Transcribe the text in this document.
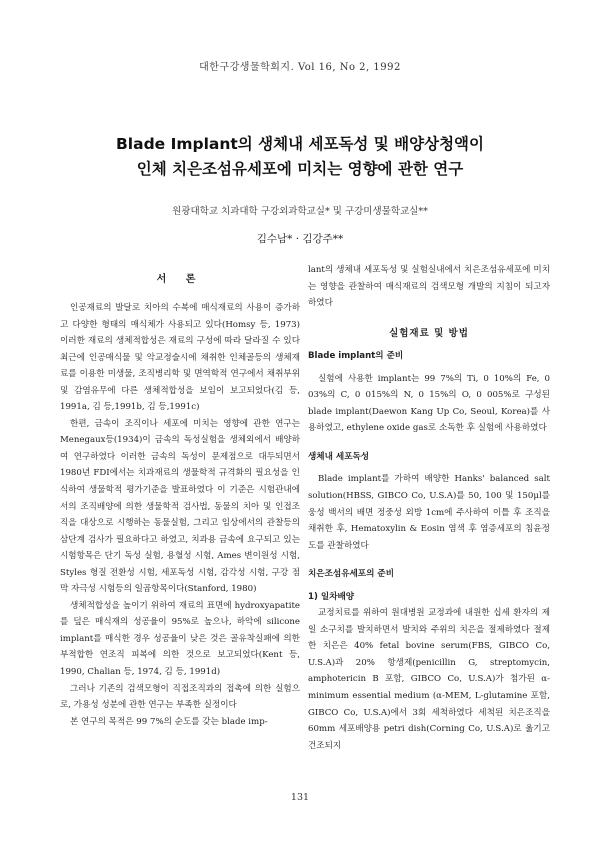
대한구강생물학회지. Vol 16, No 2, 1992
Blade Implant의 생체내 세포독성 및 배양상청액이
인체 치은조섬유세포에 미치는 영향에 관한 연구
원광대학교 치과대학 구강외과학교실* 및 구강미생물학교실**
김수남* · 김강주**

서 론

인공재료의 발달로 치아의 수복에 매식재료의 사용이 증가하고 다양한 형태의 매식체가 사용되고 있다(Homsy 등, 1973) 이러한 재료의 생체적합성은 재료의 구성에 따라 달라질 수 있다 최근에 인공매식물 및 악교정술시에 채취한 인체골등의 생체재료를 이용한 미생물, 조직병리학 및 면역학적 연구에서 채취부위 및 감염유무에 다른 생체적합성을 보임이 보고되었다(김 등, 1991a, 김 등,1991b, 김 등,1991c)

한편, 금속이 조직이나 세포에 미치는 영향에 관한 연구는 Menegaux등(1934)이 금속의 독성실험을 생체외에서 배양하여 연구하였다 이러한 금속의 독성이 문제점으로 대두되면서 1980년 FDI에서는 치과재료의 생물학적 규격화의 필요성을 인식하여 생물학적 평가기준을 발표하였다 이 기준은 시험관내에서의 조직배양에 의한 생물학적 검사법, 동물의 치아 및 인접조직을 대상으로 시행하는 동물실험, 그리고 임상에서의 관찰등의 삼단계 검사가 필요하다고 하였고, 치과용 금속에 요구되고 있는 시험항목은 단기 독성 실험, 용혈성 시험, Ames 변이원성 시험, Styles 형질 전환성 시험, 세포독성 시험, 감각성 시험, 구강 점막 자극성 시험등의 일곱항목이다(Stanford, 1980)

생체적합성을 높이기 위하여 재료의 표면에 hydroxyapatite를 덮은 매식재의 성공율이 95%로 높으나, 하악에 silicone implant를 매식한 경우 성공율이 낮은 것은 골유착실패에 의한 부적합한 연조직 피복에 의한 것으로 보고되었다(Kent 등, 1990, Chalian 등, 1974, 김 등, 1991d)

그러나 기존의 검색모형이 직접조직과의 접촉에 의한 실험으로, 가용성 성분에 관한 연구는 부족한 실정이다

본 연구의 목적은 99 7%의 순도를 갖는 blade imp-

lant의 생체내 세포독성 및 실험실내에서 치은조섬유세포에 미치는 영향을 관찰하여 매식재료의 검색모형 개발의 지침이 되고자 하였다

실험재료 및 방법

Blade implant의 준비

실험에 사용한 implant는 99 7%의 Ti, 0 10%의 Fe, 0 03%의 C, 0 015%의 N, 0 15%의 O, 0 005%로 구성된 blade implant(Daewon Kang Up Co, Seoul, Korea)를 사용하였고, ethylene oxide gas로 소독한 후 실험에 사용하였다

생체내 세포독성

Blade implant를 가하여 배양한 Hanks' balanced salt solution(HBSS, GIBCO Co, U.S.A)를 50, 100 및 150μl를 웅성 백서의 배면 정중성 외방 1cm에 주사하여 이틀 후 조직을 채취한 후, Hematoxylin & Eosin 염색 후 염증세포의 침윤정도를 관찰하였다

치은조섬유세포의 준비

1) 일차배양

교정치료를 위하여 원대병원 교정과에 내원한 십세 환자의 제일 소구치를 발치하면서 발치와 주위의 치은을 절제하였다 절제한 치은은 40% fetal bovine serum(FBS, GIBCO Co, U.S.A)과 20% 항생제(penicillin G, streptomycin, amphotericin B 포함, GIBCO Co, U.S.A)가 첨가된 α-minimum essential medium (α-MEM, L-glutamine 포함, GIBCO Co, U.S.A)에서 3회 세척하였다 세척된 치은조직을 60mm 세포배양용 petri dish(Corning Co, U.S.A)로 옮기고 건조되지

131
